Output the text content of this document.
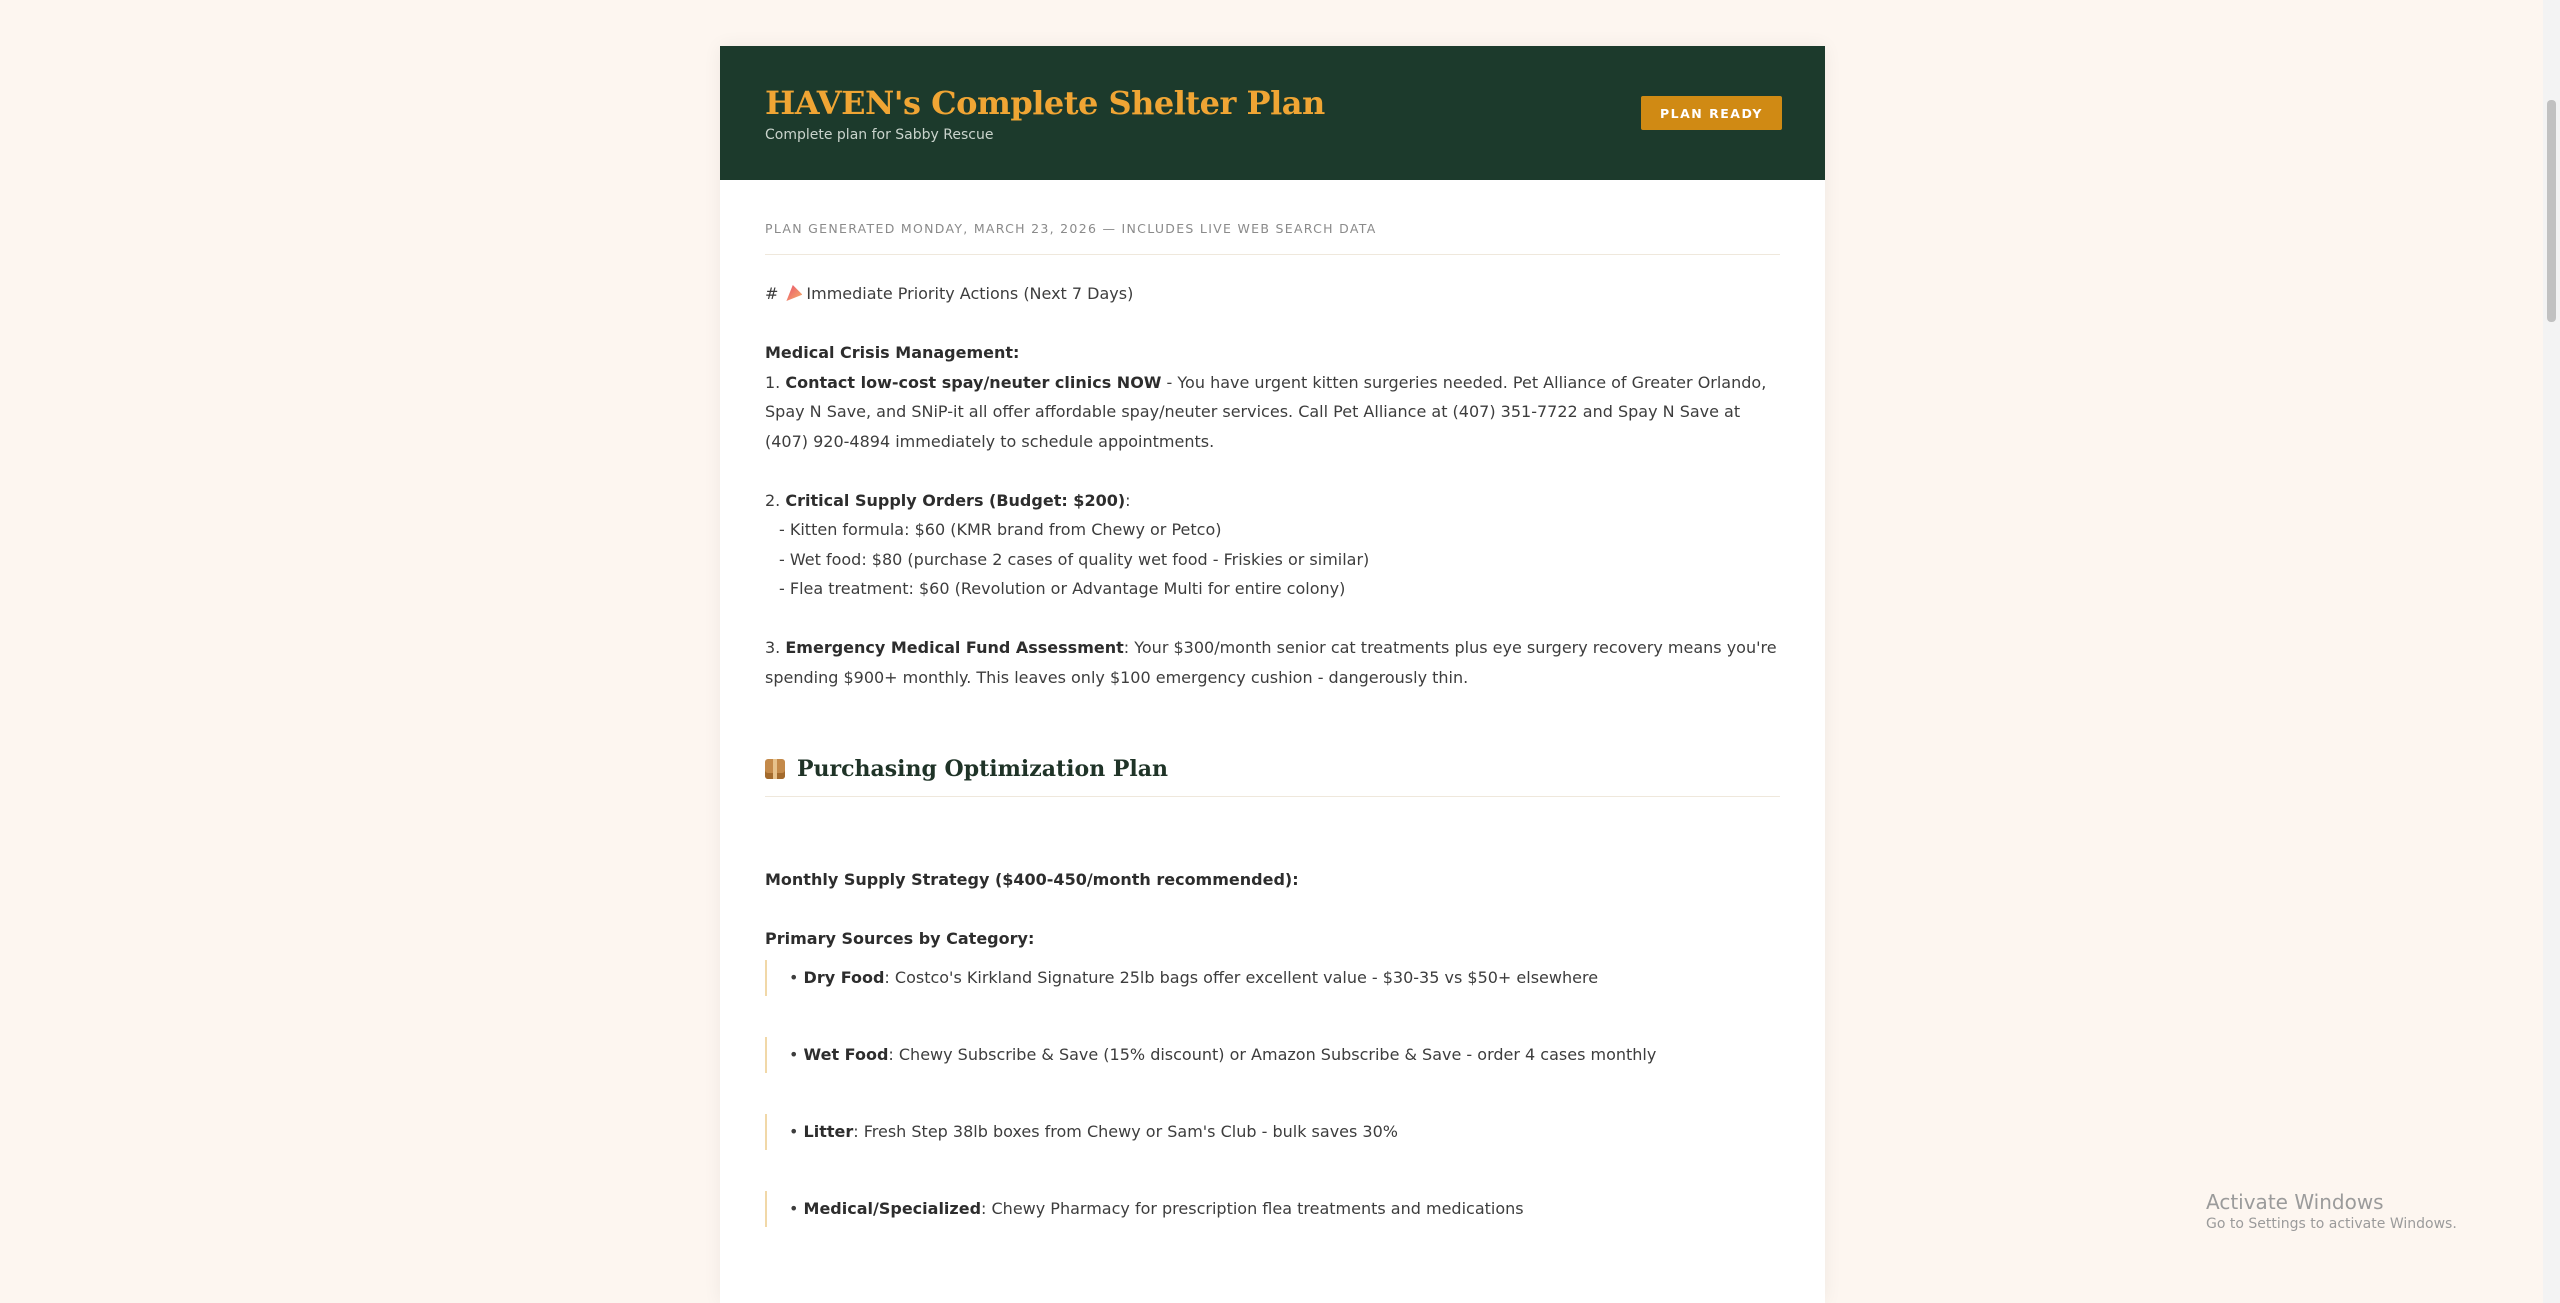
HAVEN's Complete Shelter Plan
Complete plan for Sabby Rescue
PLAN READY
PLAN GENERATED MONDAY, MARCH 23, 2026 — INCLUDES LIVE WEB SEARCH DATA

# Immediate Priority Actions (Next 7 Days)

Medical Crisis Management:

1. Contact low-cost spay/neuter clinics NOW - You have urgent kitten surgeries needed. Pet Alliance of Greater Orlando, Spay N Save, and SNiP-it all offer affordable spay/neuter services. Call Pet Alliance at (407) 351-7722 and Spay N Save at (407) 920-4894 immediately to schedule appointments.

2. Critical Supply Orders (Budget: $200):

- Kitten formula: $60 (KMR brand from Chewy or Petco)

- Wet food: $80 (purchase 2 cases of quality wet food - Friskies or similar)

- Flea treatment: $60 (Revolution or Advantage Multi for entire colony)

3. Emergency Medical Fund Assessment: Your $300/month senior cat treatments plus eye surgery recovery means you're spending $900+ monthly. This leaves only $100 emergency cushion - dangerously thin.

Purchasing Optimization Plan

Monthly Supply Strategy ($400-450/month recommended):

Primary Sources by Category:

•
Dry Food : Costco's Kirkland Signature 25lb bags offer excellent value - $30-35 vs $50+ elsewhere
•
Wet Food : Chewy Subscribe & Save (15% discount) or Amazon Subscribe & Save - order 4 cases monthly
•
Litter : Fresh Step 38lb boxes from Chewy or Sam's Club - bulk saves 30%
•
Medical/Specialized : Chewy Pharmacy for prescription flea treatments and medications	Activate Windows
Go to Settings to activate Windows.
